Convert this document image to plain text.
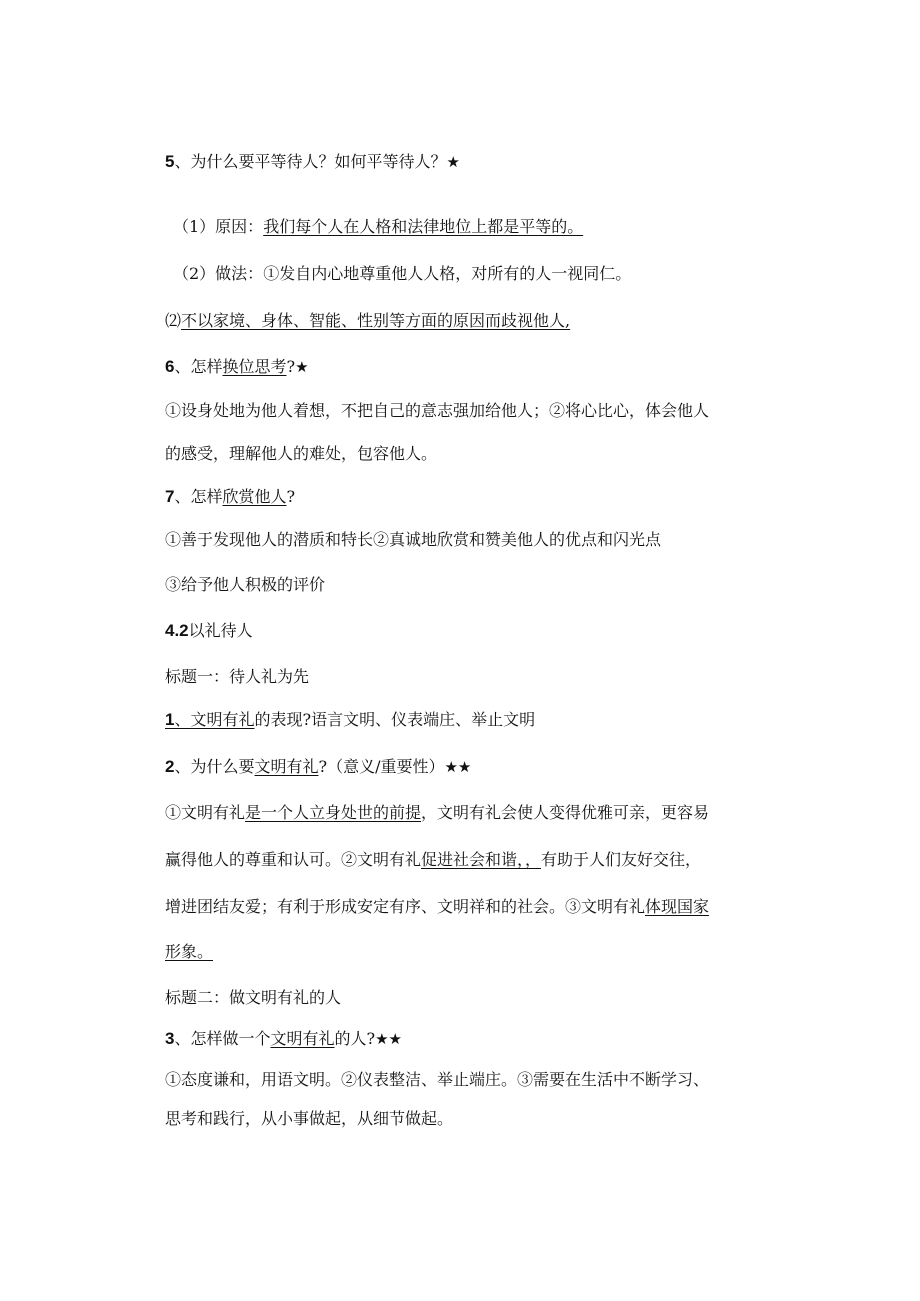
5、为什么要平等待人？如何平等待人？★

（1）原因：我们每个人在人格和法律地位上都是平等的。

（2）做法：①发自内心地尊重他人人格，对所有的人一视同仁。

⑵不以家境、身体、智能、性别等方面的原因而歧视他人,

6、怎样换位思考?★

①设身处地为他人着想，不把自己的意志强加给他人；②将心比心，体会他人

的感受，理解他人的难处，包容他人。

7、怎样欣赏他人?

①善于发现他人的潜质和特长②真诚地欣赏和赞美他人的优点和闪光点

③给予他人积极的评价

4.2以礼待人

标题一：待人礼为先

1、文明有礼的表现?语言文明、仪表端庄、举止文明

2、为什么要文明有礼?（意义/重要性）★★

①文明有礼是一个人立身处世的前提，文明有礼会使人变得优雅可亲，更容易

赢得他人的尊重和认可。②文明有礼促进社会和谐，，有助于人们友好交往，

增进团结友爱；有利于形成安定有序、文明祥和的社会。③文明有礼体现国家

形象。

标题二：做文明有礼的人

3、怎样做一个文明有礼的人?★★

①态度谦和，用语文明。②仪表整洁、举止端庄。③需要在生活中不断学习、

思考和践行，从小事做起，从细节做起。
